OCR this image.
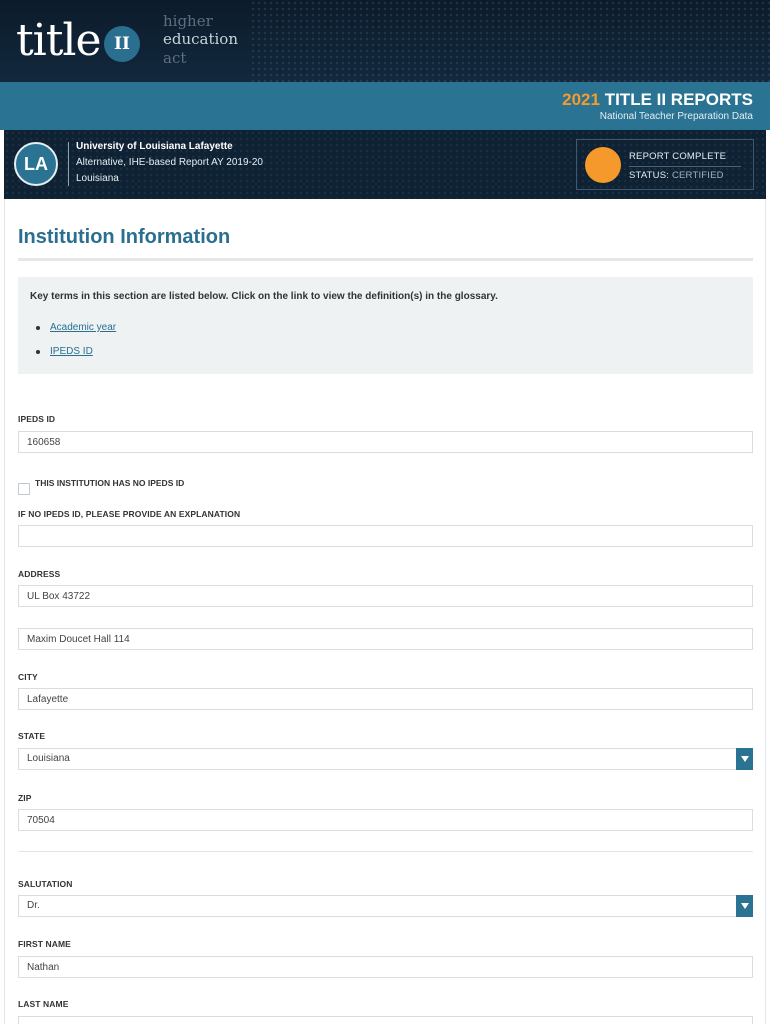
title II
higher
education
act
2021 TITLE II REPORTS
National Teacher Preparation Data
LA
University of Louisiana Lafayette
Alternative, IHE-based Report AY 2019-20
Louisiana
REPORT COMPLETE
STATUS: CERTIFIED
Institution Information
Key terms in this section are listed below. Click on the link to view the definition(s) in the glossary.
Academic year
IPEDS ID
IPEDS ID
160658
THIS INSTITUTION HAS NO IPEDS ID
IF NO IPEDS ID, PLEASE PROVIDE AN EXPLANATION
ADDRESS
UL Box 43722
Maxim Doucet Hall 114
CITY
Lafayette
STATE
Louisiana
ZIP
70504
SALUTATION
Dr.
FIRST NAME
Nathan
LAST NAME
